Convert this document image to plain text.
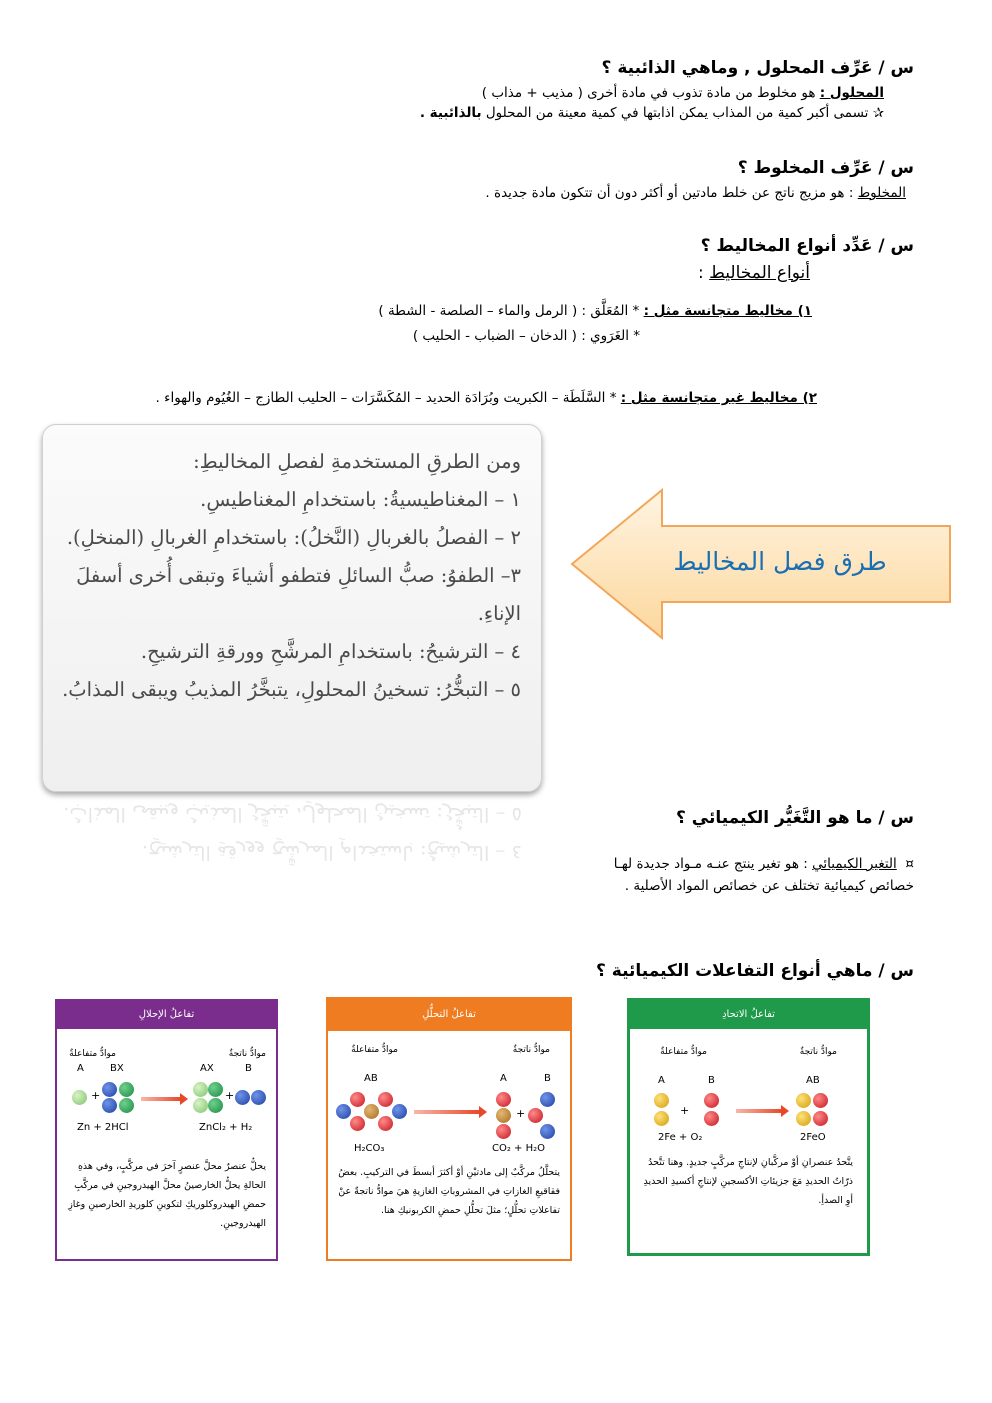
س / عَرِّف المحلول , وماهي الذائبية ؟
المحلول : هو مخلوط من مادة تذوب في مادة أخرى ( مذيب + مذاب )
✰ تسمى أكبر كمية من المذاب يمكن اذابتها في كمية معينة من المحلول بالذائبية .
س / عَرِّف المخلوط ؟
المخلوط : هو مزيج ناتج عن خلط مادتين أو أكثر دون أن تتكون مادة جديدة .
س / عَدِّد أنواع المخاليط ؟
أنواع المخاليط :
١) مخاليط متجانسة مثل : * المُعَلَّق : ( الرمل والماء – الصلصة - الشطة )
* الغَرَوي : ( الدخان – الضباب - الحليب )
٢) مخاليط غير متجانسة مثل : * السَّلَطَة – الكبريت وبُرَادَة الحديد – المُكَسَّرَات – الحليب الطازج – الغُيُوم والهواء .

ومن الطرقِ المستخدمةِ لفصلِ المخاليطِ:

١ – المغناطيسيةُ: باستخدامِ المغناطيسِ.

٢ – الفصلُ بالغربالِ (النَّخلُ): باستخدامِ الغربالِ (المنخلِ).

٣– الطفوُ: صبُّ السائلِ فتطفو أشياءَ وتبقى أُخرى أسفلَ الإناءِ.

٤ – الترشيحُ: باستخدامِ المرشَّحِ وورقةِ الترشيحِ.

٥ – التبخُّرُ: تسخينُ المحلولِ، يتبخَّرُ المذيبُ ويبقى المذابُ.

٤ – الترشيحُ: باستخدامِ المرشَّحِ وورقةِ الترشيحِ.

٥ – التبخُّرُ: تسخينُ المحلولِ، يتبخَّرُ المذيبُ ويبقى المذابُ.

طرق فصل المخاليط
س / ما هو التَّغَيُّر الكيميائي ؟
¤  التغير الكيميائي : هو تغير ينتج عنـه مـواد جديدة لهـا
خصائص كيميائية تختلف عن خصائص المواد الأصلية .
س / ماهي أنواع التفاعلات الكيميائية ؟
تفاعلُ الإحلالِ
موادُّ متفاعلةٌ	موادُّ ناتجةٌ
A	BX	AX	B
+	+
Zn + 2HCl	ZnCl₂ + H₂
يحلُّ عنصرٌ محلَّ عنصرٍ آخرَ في مركَّبٍ، وفي هذهِ الحالةِ يحلُّ الخارصينُ محلَّ الهيدروجينِ في مركَّبِ حمضِ الهيدروكلوريكِ لتكوينِ كلوريدِ الخارصينِ وغازِ الهيدروجينِ.
تفاعلُ التحلُّلِ
موادُّ متفاعلةٌ	موادُّ ناتجةٌ
AB	A	B
+
H₂CO₃	CO₂ + H₂O
يتحلَّلُ مركَّبٌ إلى مادتيْنِ أوْ أكثرَ أبسطَ في التركيبِ. بعضُ فقاقيعِ الغازاتِ في المشروباتِ الغازيةِ هيَ موادُّ ناتجةٌ عنْ تفاعلاتِ تحلُّلٍ؛ مثلَ تحلُّلِ حمضِ الكربونيكِ هنا.
تفاعلُ الاتحادِ
موادُّ متفاعلةٌ	موادُّ ناتجةٌ
A	B	AB
+
2Fe + O₂	2FeO
يتَّحدُ عنصرانِ أوْ مركَّبانِ لإنتاجِ مركَّبٍ جديدٍ. وهنا تتَّحدُ ذرّاتُ الحديدِ مَعَ جزيئاتِ الأكسجينِ لإنتاجِ أكسيدِ الحديدِ أوِ الصدأِ.
